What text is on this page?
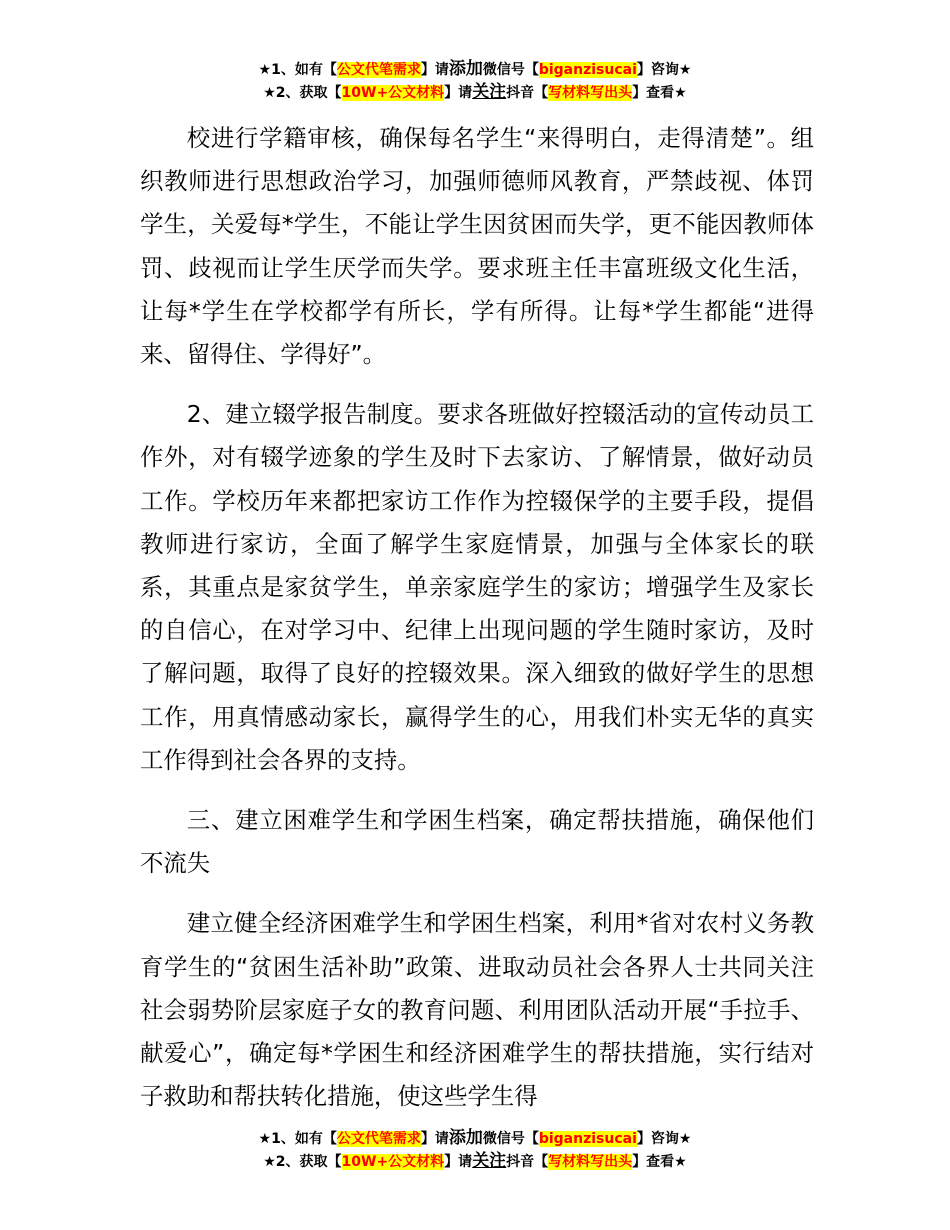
★1、如有【公文代笔需求】请添加微信号【biganzisucai】咨询★
★2、获取【10W+公文材料】请关注抖音【写材料写出头】查看★

校进行学籍审核，确保每名学生“来得明白，走得清楚”。组织教师进行思想政治学习，加强师德师风教育，严禁歧视、体罚学生，关爱每*学生，不能让学生因贫困而失学，更不能因教师体罚、歧视而让学生厌学而失学。要求班主任丰富班级文化生活，让每*学生在学校都学有所长，学有所得。让每*学生都能“进得来、留得住、学得好”。

2、建立辍学报告制度。要求各班做好控辍活动的宣传动员工作外，对有辍学迹象的学生及时下去家访、了解情景，做好动员工作。学校历年来都把家访工作作为控辍保学的主要手段，提倡教师进行家访，全面了解学生家庭情景，加强与全体家长的联系，其重点是家贫学生，单亲家庭学生的家访；增强学生及家长的自信心，在对学习中、纪律上出现问题的学生随时家访，及时了解问题，取得了良好的控辍效果。深入细致的做好学生的思想工作，用真情感动家长，赢得学生的心，用我们朴实无华的真实工作得到社会各界的支持。

三、建立困难学生和学困生档案，确定帮扶措施，确保他们不流失

建立健全经济困难学生和学困生档案，利用*省对农村义务教育学生的“贫困生活补助”政策、进取动员社会各界人士共同关注社会弱势阶层家庭子女的教育问题、利用团队活动开展“手拉手、献爱心”，确定每*学困生和经济困难学生的帮扶措施，实行结对子救助和帮扶转化措施，使这些学生得

★1、如有【公文代笔需求】请添加微信号【biganzisucai】咨询★
★2、获取【10W+公文材料】请关注抖音【写材料写出头】查看★
